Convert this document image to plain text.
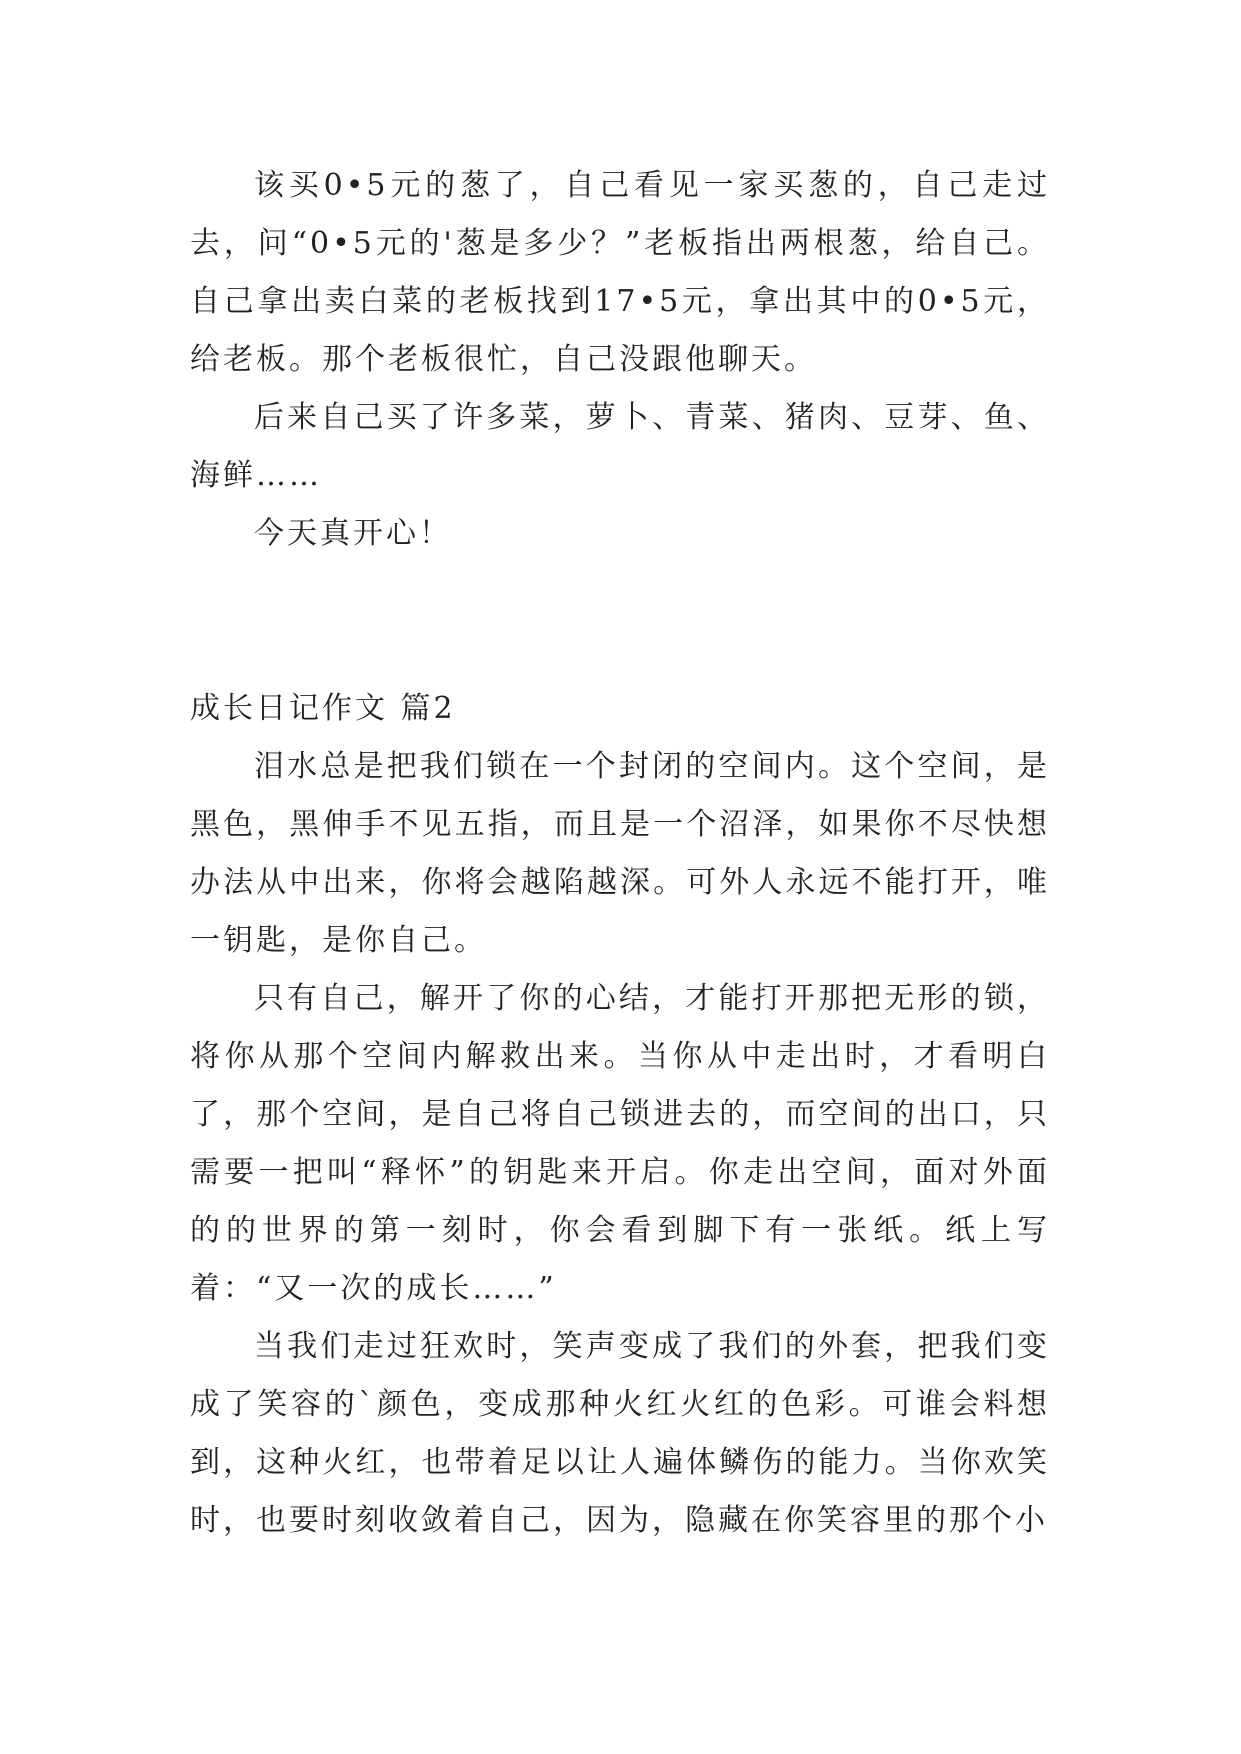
该买0•5元的葱了，自己看见一家买葱的，自己走过去，问“0•5元的'葱是多少？”老板指出两根葱，给自己。自己拿出卖白菜的老板找到17•5元，拿出其中的0•5元，给老板。那个老板很忙，自己没跟他聊天。

后来自己买了许多菜，萝卜、青菜、猪肉、豆芽、鱼、海鲜……

今天真开心！

成长日记作文 篇2

泪水总是把我们锁在一个封闭的空间内。这个空间，是黑色，黑伸手不见五指，而且是一个沼泽，如果你不尽快想办法从中出来，你将会越陷越深。可外人永远不能打开，唯一钥匙，是你自己。

只有自己，解开了你的心结，才能打开那把无形的锁，将你从那个空间内解救出来。当你从中走出时，才看明白了，那个空间，是自己将自己锁进去的，而空间的出口，只需要一把叫“释怀”的钥匙来开启。你走出空间，面对外面的的世界的第一刻时，你会看到脚下有一张纸。纸上写着：“又一次的成长……”

当我们走过狂欢时，笑声变成了我们的外套，把我们变成了笑容的`颜色，变成那种火红火红的色彩。可谁会料想到，这种火红，也带着足以让人遍体鳞伤的能力。当你欢笑时，也要时刻收敛着自己，因为，隐藏在你笑容里的那个小
